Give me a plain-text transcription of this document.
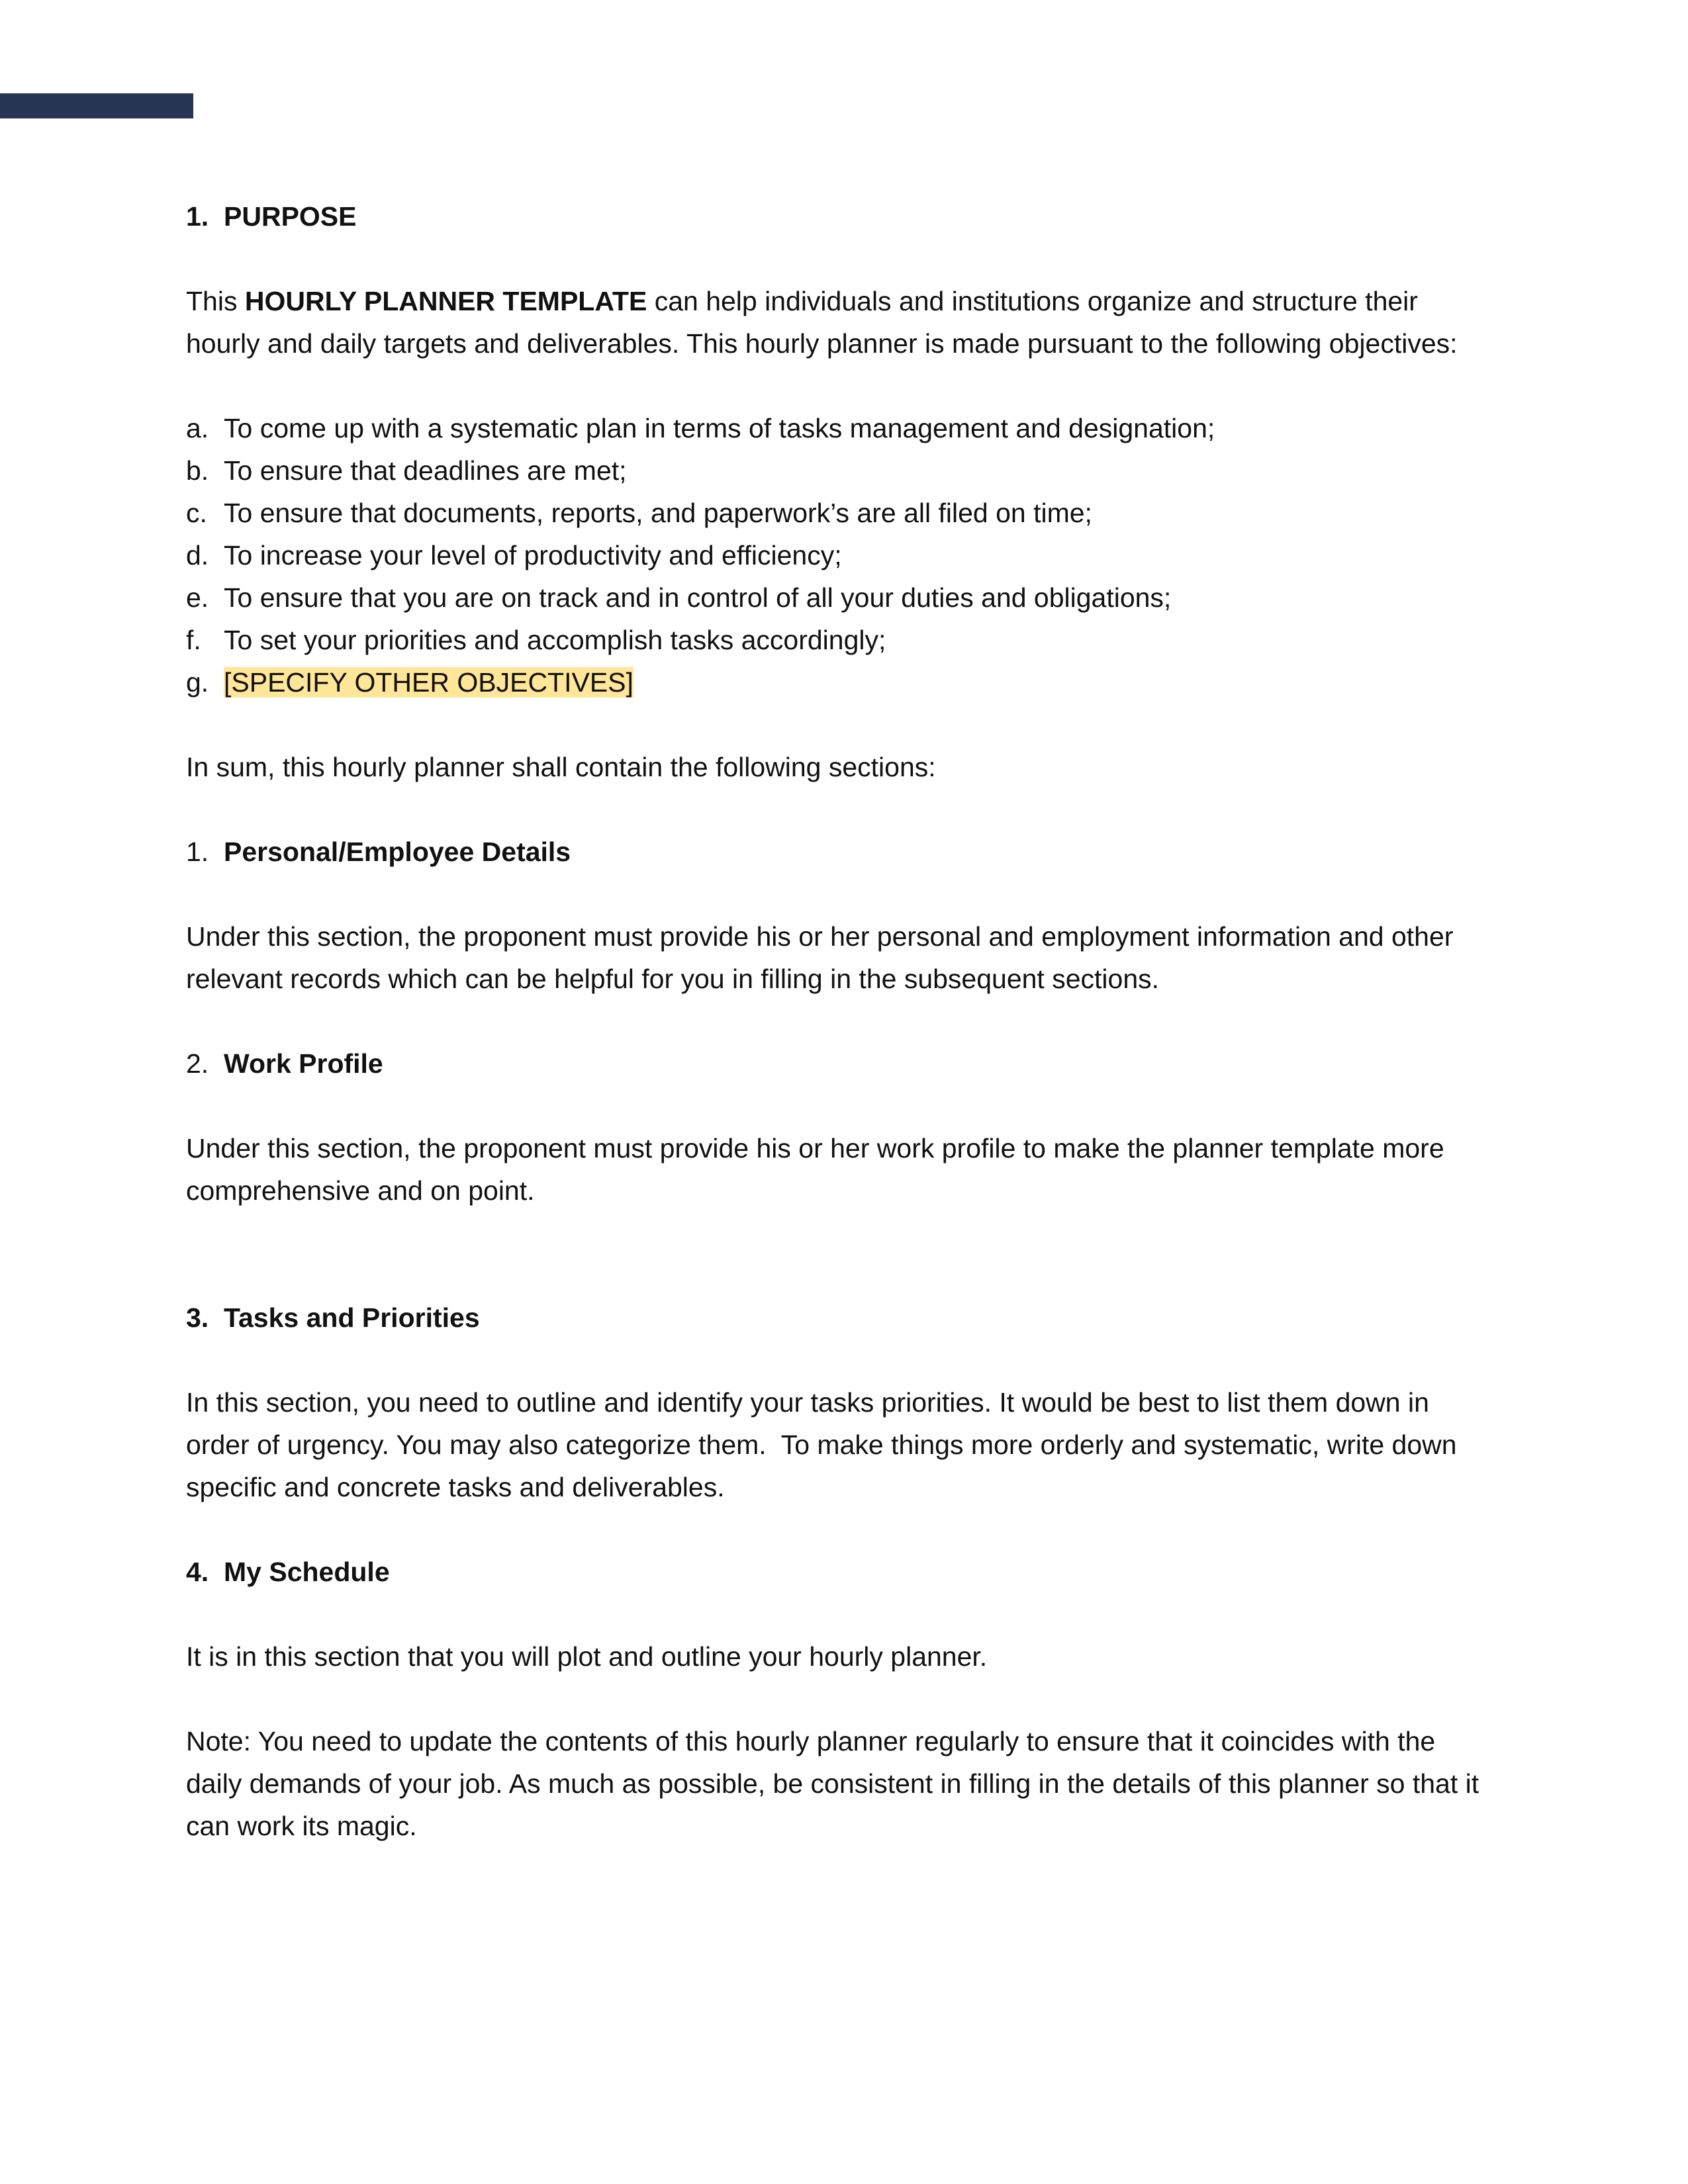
1. PURPOSE

This HOURLY PLANNER TEMPLATE can help individuals and institutions organize and structure their hourly and daily targets and deliverables. This hourly planner is made pursuant to the following objectives:

a. To come up with a systematic plan in terms of tasks management and designation;

b. To ensure that deadlines are met;

c. To ensure that documents, reports, and paperwork’s are all filed on time;

d. To increase your level of productivity and efficiency;

e. To ensure that you are on track and in control of all your duties and obligations;

f. To set your priorities and accomplish tasks accordingly;

g. [SPECIFY OTHER OBJECTIVES]

In sum, this hourly planner shall contain the following sections:

1. Personal/Employee Details

Under this section, the proponent must provide his or her personal and employment information and other relevant records which can be helpful for you in filling in the subsequent sections.

2. Work Profile

Under this section, the proponent must provide his or her work profile to make the planner template more comprehensive and on point.

3. Tasks and Priorities

In this section, you need to outline and identify your tasks priorities. It would be best to list them down in order of urgency. You may also categorize them.  To make things more orderly and systematic, write down specific and concrete tasks and deliverables.

4. My Schedule

It is in this section that you will plot and outline your hourly planner.

Note: You need to update the contents of this hourly planner regularly to ensure that it coincides with the daily demands of your job. As much as possible, be consistent in filling in the details of this planner so that it can work its magic.
